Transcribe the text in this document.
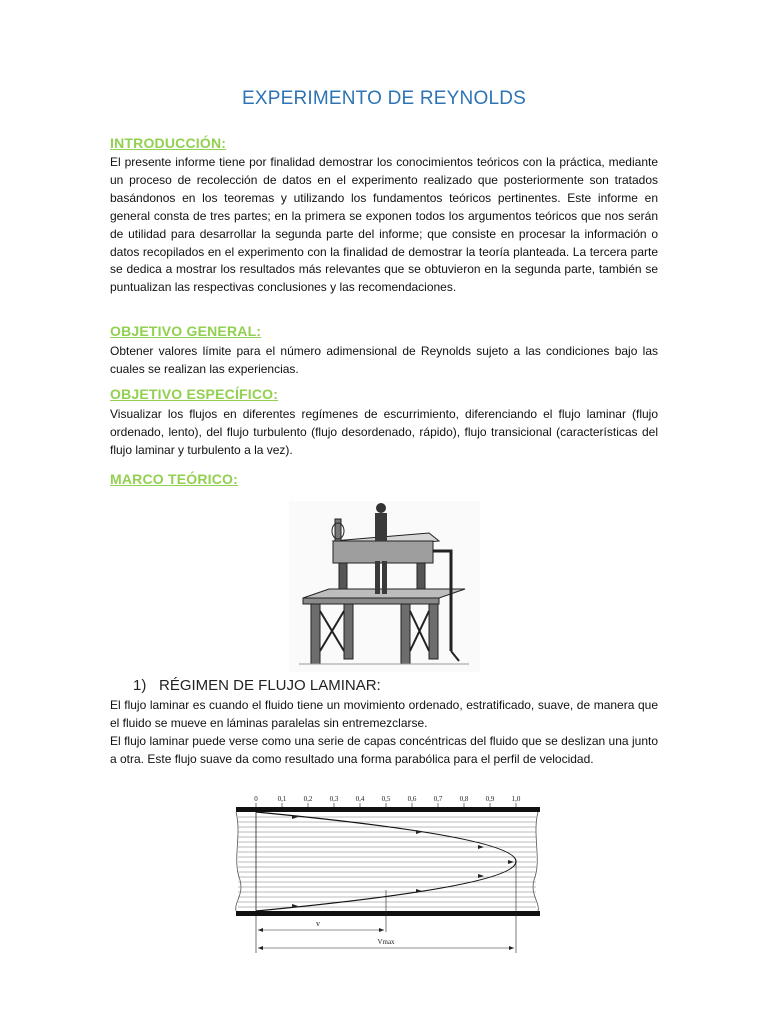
EXPERIMENTO DE REYNOLDS
INTRODUCCIÓN:
El presente informe tiene por finalidad demostrar los conocimientos teóricos con la práctica, mediante un proceso de recolección de datos en el experimento realizado que posteriormente son tratados basándonos en los teoremas y utilizando los fundamentos teóricos pertinentes. Este informe en general consta de tres partes; en la primera se exponen todos los argumentos teóricos que nos serán de utilidad para desarrollar la segunda parte del informe; que consiste en procesar la información o datos recopilados en el experimento con la finalidad de demostrar la teoría planteada. La tercera parte se dedica a mostrar los resultados más relevantes que se obtuvieron en la segunda parte, también se puntualizan las respectivas conclusiones y las recomendaciones.
OBJETIVO GENERAL:
Obtener valores límite para el número adimensional de Reynolds sujeto a las condiciones bajo las cuales se realizan las experiencias.
OBJETIVO ESPECÍFICO:
Visualizar los flujos en diferentes regímenes de escurrimiento, diferenciando el flujo laminar (flujo ordenado, lento), del flujo turbulento (flujo desordenado, rápido), flujo transicional (características del flujo laminar y turbulento a la vez).
MARCO TEÓRICO:
1) RÉGIMEN DE FLUJO LAMINAR:
El flujo laminar es cuando el fluido tiene un movimiento ordenado, estratificado, suave, de manera que el fluido se mueve en láminas paralelas sin entremezclarse.
El flujo laminar puede verse como una serie de capas concéntricas del fluido que se deslizan una junto a otra. Este flujo suave da como resultado una forma parabólica para el perfil de velocidad.
0	0,1 0,2 0,3 0,4 0,5 0,6 0,7 0,8 0,9 1,0
v
Vmax
